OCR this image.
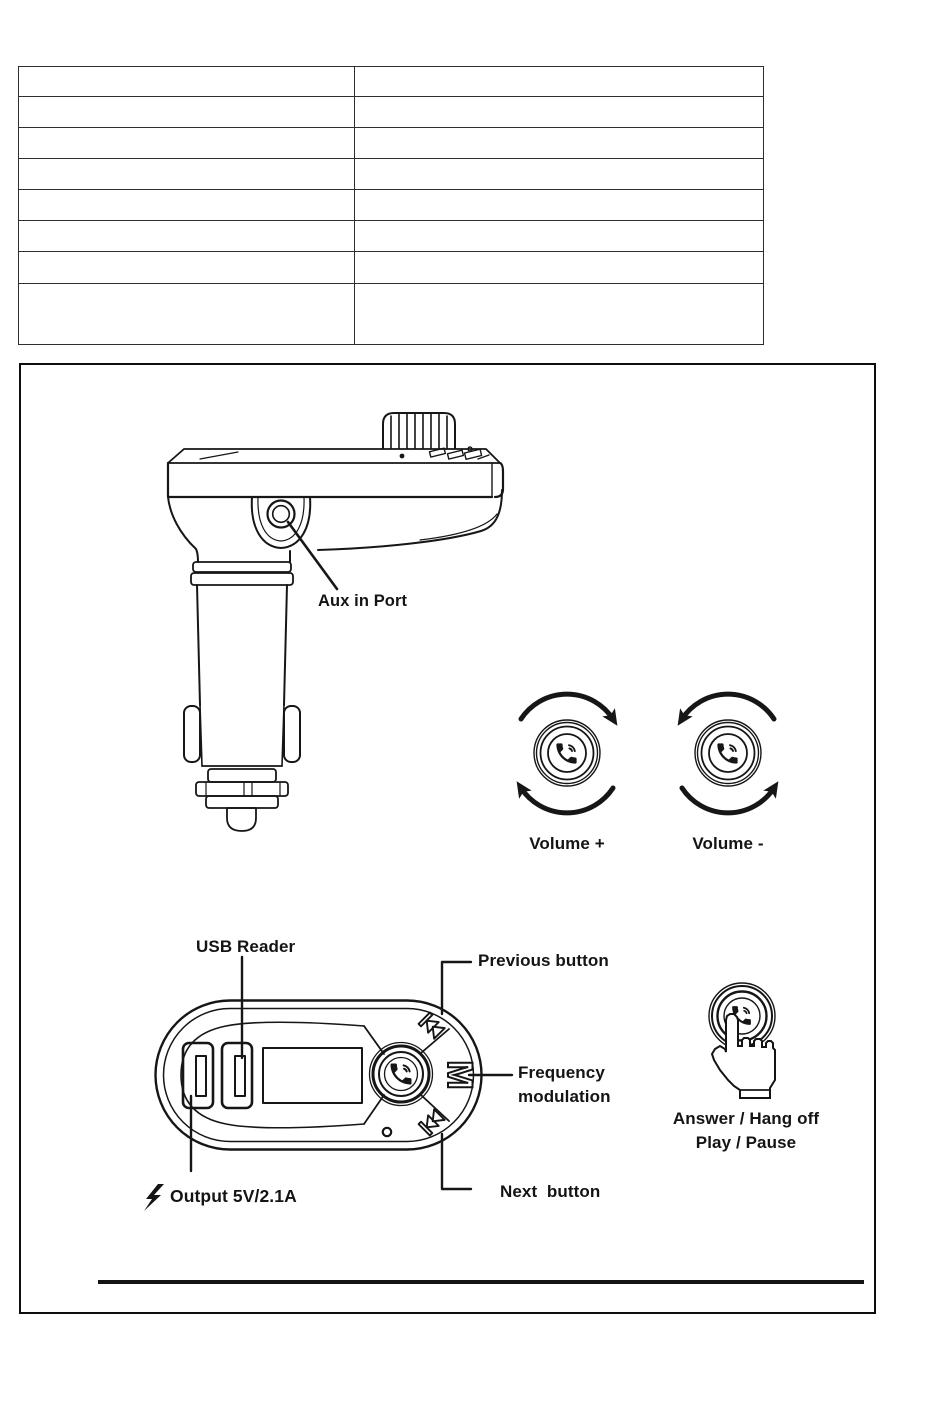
Aux in Port
Volume +	Volume -
USB Reader
Previous button
Frequency
modulation
Next  button
Output 5V/2.1A
Answer / Hang off
Play / Pause
M
